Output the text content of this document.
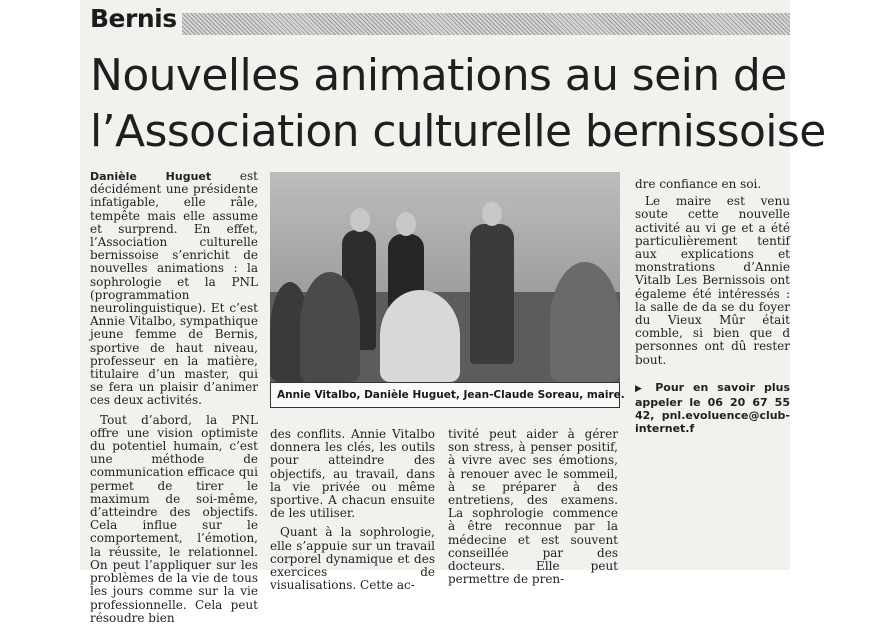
Bernis
Nouvelles animations au sein de
l’Association culturelle bernissoise

Danièle Huguet est décidément une présidente infatigable, elle râle, tempête mais elle assume et surprend. En effet, l’Association culturelle bernissoise s’enrichit de nouvelles animations : la sophrologie et la PNL (programmation neurolinguistique). Et c’est Annie Vitalbo, sympathique jeune femme de Bernis, sportive de haut niveau, professeur en la matière, titulaire d’un master, qui se fera un plaisir d’animer ces deux activités.

Tout d’abord, la PNL offre une vision optimiste du potentiel humain, c’est une méthode de communication efficace qui permet de tirer le maximum de soi-même, d’atteindre des objectifs. Cela influe sur le comportement, l’émotion, la réussite, le relationnel. On peut l’appliquer sur les problèmes de la vie de tous les jours comme sur la vie professionnelle. Cela peut résoudre bien

Annie Vitalbo, Danièle Huguet, Jean-Claude Soreau, maire.

des conflits. Annie Vitalbo donnera les clés, les outils pour atteindre des objectifs, au travail, dans la vie privée ou même sportive. A chacun ensuite de les utiliser.

Quant à la sophrologie, elle s’appuie sur un travail corporel dynamique et des exercices de visualisations. Cette ac-

tivité peut aider à gérer son stress, à penser positif, à vivre avec ses émotions, à renouer avec le sommeil, à se préparer à des entretiens, des examens. La sophrologie commence à être reconnue par la médecine et est souvent conseillée par des docteurs. Elle peut permettre de pren-

dre confiance en soi.

Le maire est venu soute cette nouvelle activité au vi ge et a été particulièrement tentif aux explications et monstrations d’Annie Vitalb Les Bernissois ont égaleme été intéressés : la salle de da se du foyer du Vieux Mûr était comble, si bien que d personnes ont dû rester bout.

▶ Pour en savoir plus appeler le 06 20 67 55 42, pnl.evoluence@club-internet.f
